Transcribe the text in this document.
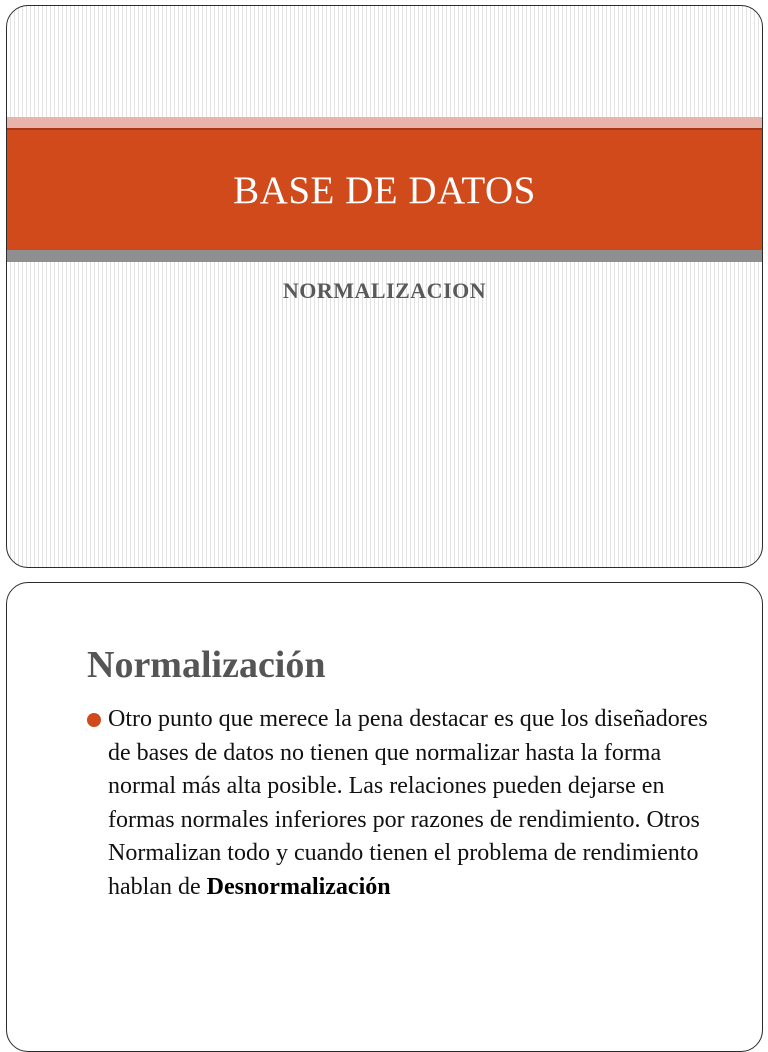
BASE DE DATOS

NORMALIZACION

Normalización

Otro punto que merece la pena destacar es que los diseñadores de bases de datos no tienen que normalizar hasta la forma normal más alta posible. Las relaciones pueden dejarse en formas normales inferiores por razones de rendimiento. Otros Normalizan todo y cuando tienen el problema de rendimiento hablan de Desnormalización
